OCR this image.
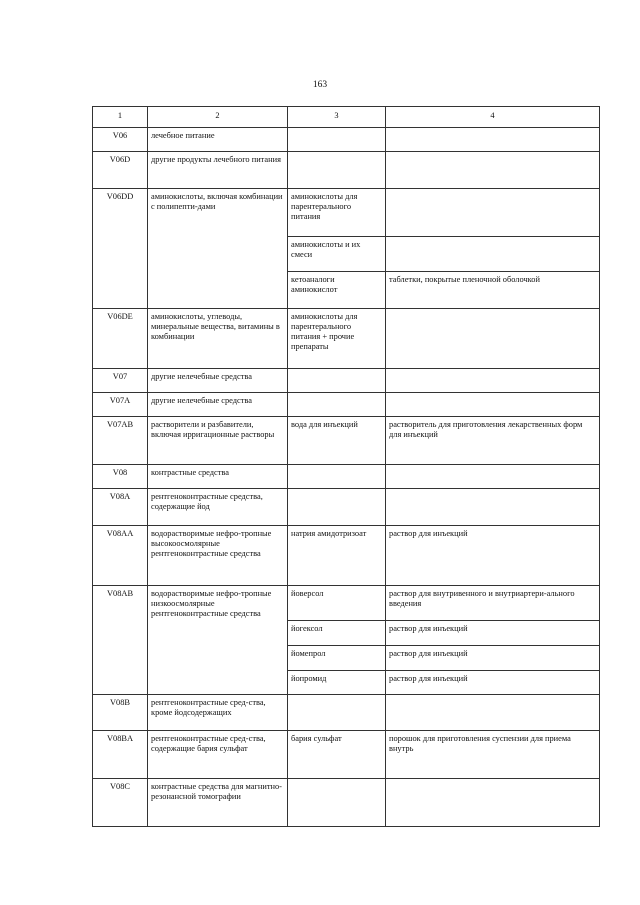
163
1	2	3	4
V06	лечебное питание		
V06D	другие продукты лечебного питания		
V06DD	аминокислоты, включая комбинации с полипепти-дами	аминокислоты для парентерального питания	
		аминокислоты и их смеси	
		кетоаналоги аминокислот	таблетки, покрытые пленочной оболочкой
V06DE	аминокислоты, углеводы, минеральные вещества, витамины в комбинации	аминокислоты для парентерального питания + прочие препараты	
V07	другие нелечебные средства		
V07A	другие нелечебные средства		
V07AB	растворители и разбавители, включая ирригационные растворы	вода для инъекций	растворитель для приготовления лекарственных форм для инъекций
V08	контрастные средства		
V08A	рентгеноконтрастные средства, содержащие йод		
V08AA	водорастворимые нефро-тропные высокоосмолярные рентгеноконтрастные средства	натрия амидотризоат	раствор для инъекций
V08AB	водорастворимые нефро-тропные низкоосмолярные рентгеноконтрастные средства	йоверсол	раствор для внутривенного и внутриартери-ального введения
		йогексол	раствор для инъекций
		йомепрол	раствор для инъекций
		йопромид	раствор для инъекций
V08B	рентгеноконтрастные сред-ства, кроме йодсодержащих		
V08BA	рентгеноконтрастные сред-ства, содержащие бария сульфат	бария сульфат	порошок для приготовления суспензии для приема внутрь
V08C	контрастные средства для магнитно-резонансной томографии		
